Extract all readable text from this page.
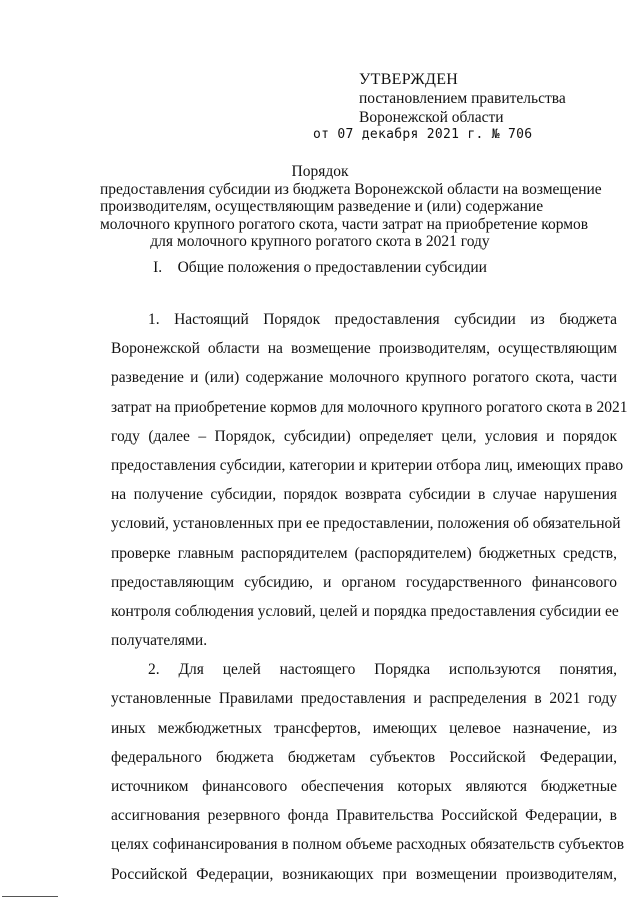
УТВЕРЖДЕН
постановлением правительства
Воронежской области
от 07 декабря 2021 г. № 706
Порядок
предоставления субсидии из бюджета Воронежской области на возмещение
производителям, осуществляющим разведение и (или) содержание
молочного крупного рогатого скота, части затрат на приобретение кормов
для молочного крупного рогатого скота в 2021 году
I. Общие положения о предоставлении субсидии
1. Настоящий Порядок предоставления субсидии из бюджета
Воронежской области на возмещение производителям, осуществляющим
разведение и (или) содержание молочного крупного рогатого скота, части
затрат на приобретение кормов для молочного крупного рогатого скота в 2021
году (далее – Порядок, субсидии) определяет цели, условия и порядок
предоставления субсидии, категории и критерии отбора лиц, имеющих право
на получение субсидии, порядок возврата субсидии в случае нарушения
условий, установленных при ее предоставлении, положения об обязательной
проверке главным распорядителем (распорядителем) бюджетных средств,
предоставляющим субсидию, и органом государственного финансового
контроля соблюдения условий, целей и порядка предоставления субсидии ее
получателями.
2. Для целей настоящего Порядка используются понятия,
установленные Правилами предоставления и распределения в 2021 году
иных межбюджетных трансфертов, имеющих целевое назначение, из
федерального бюджета бюджетам субъектов Российской Федерации,
источником финансового обеспечения которых являются бюджетные
ассигнования резервного фонда Правительства Российской Федерации, в
целях софинансирования в полном объеме расходных обязательств субъектов
Российской Федерации, возникающих при возмещении производителям,
